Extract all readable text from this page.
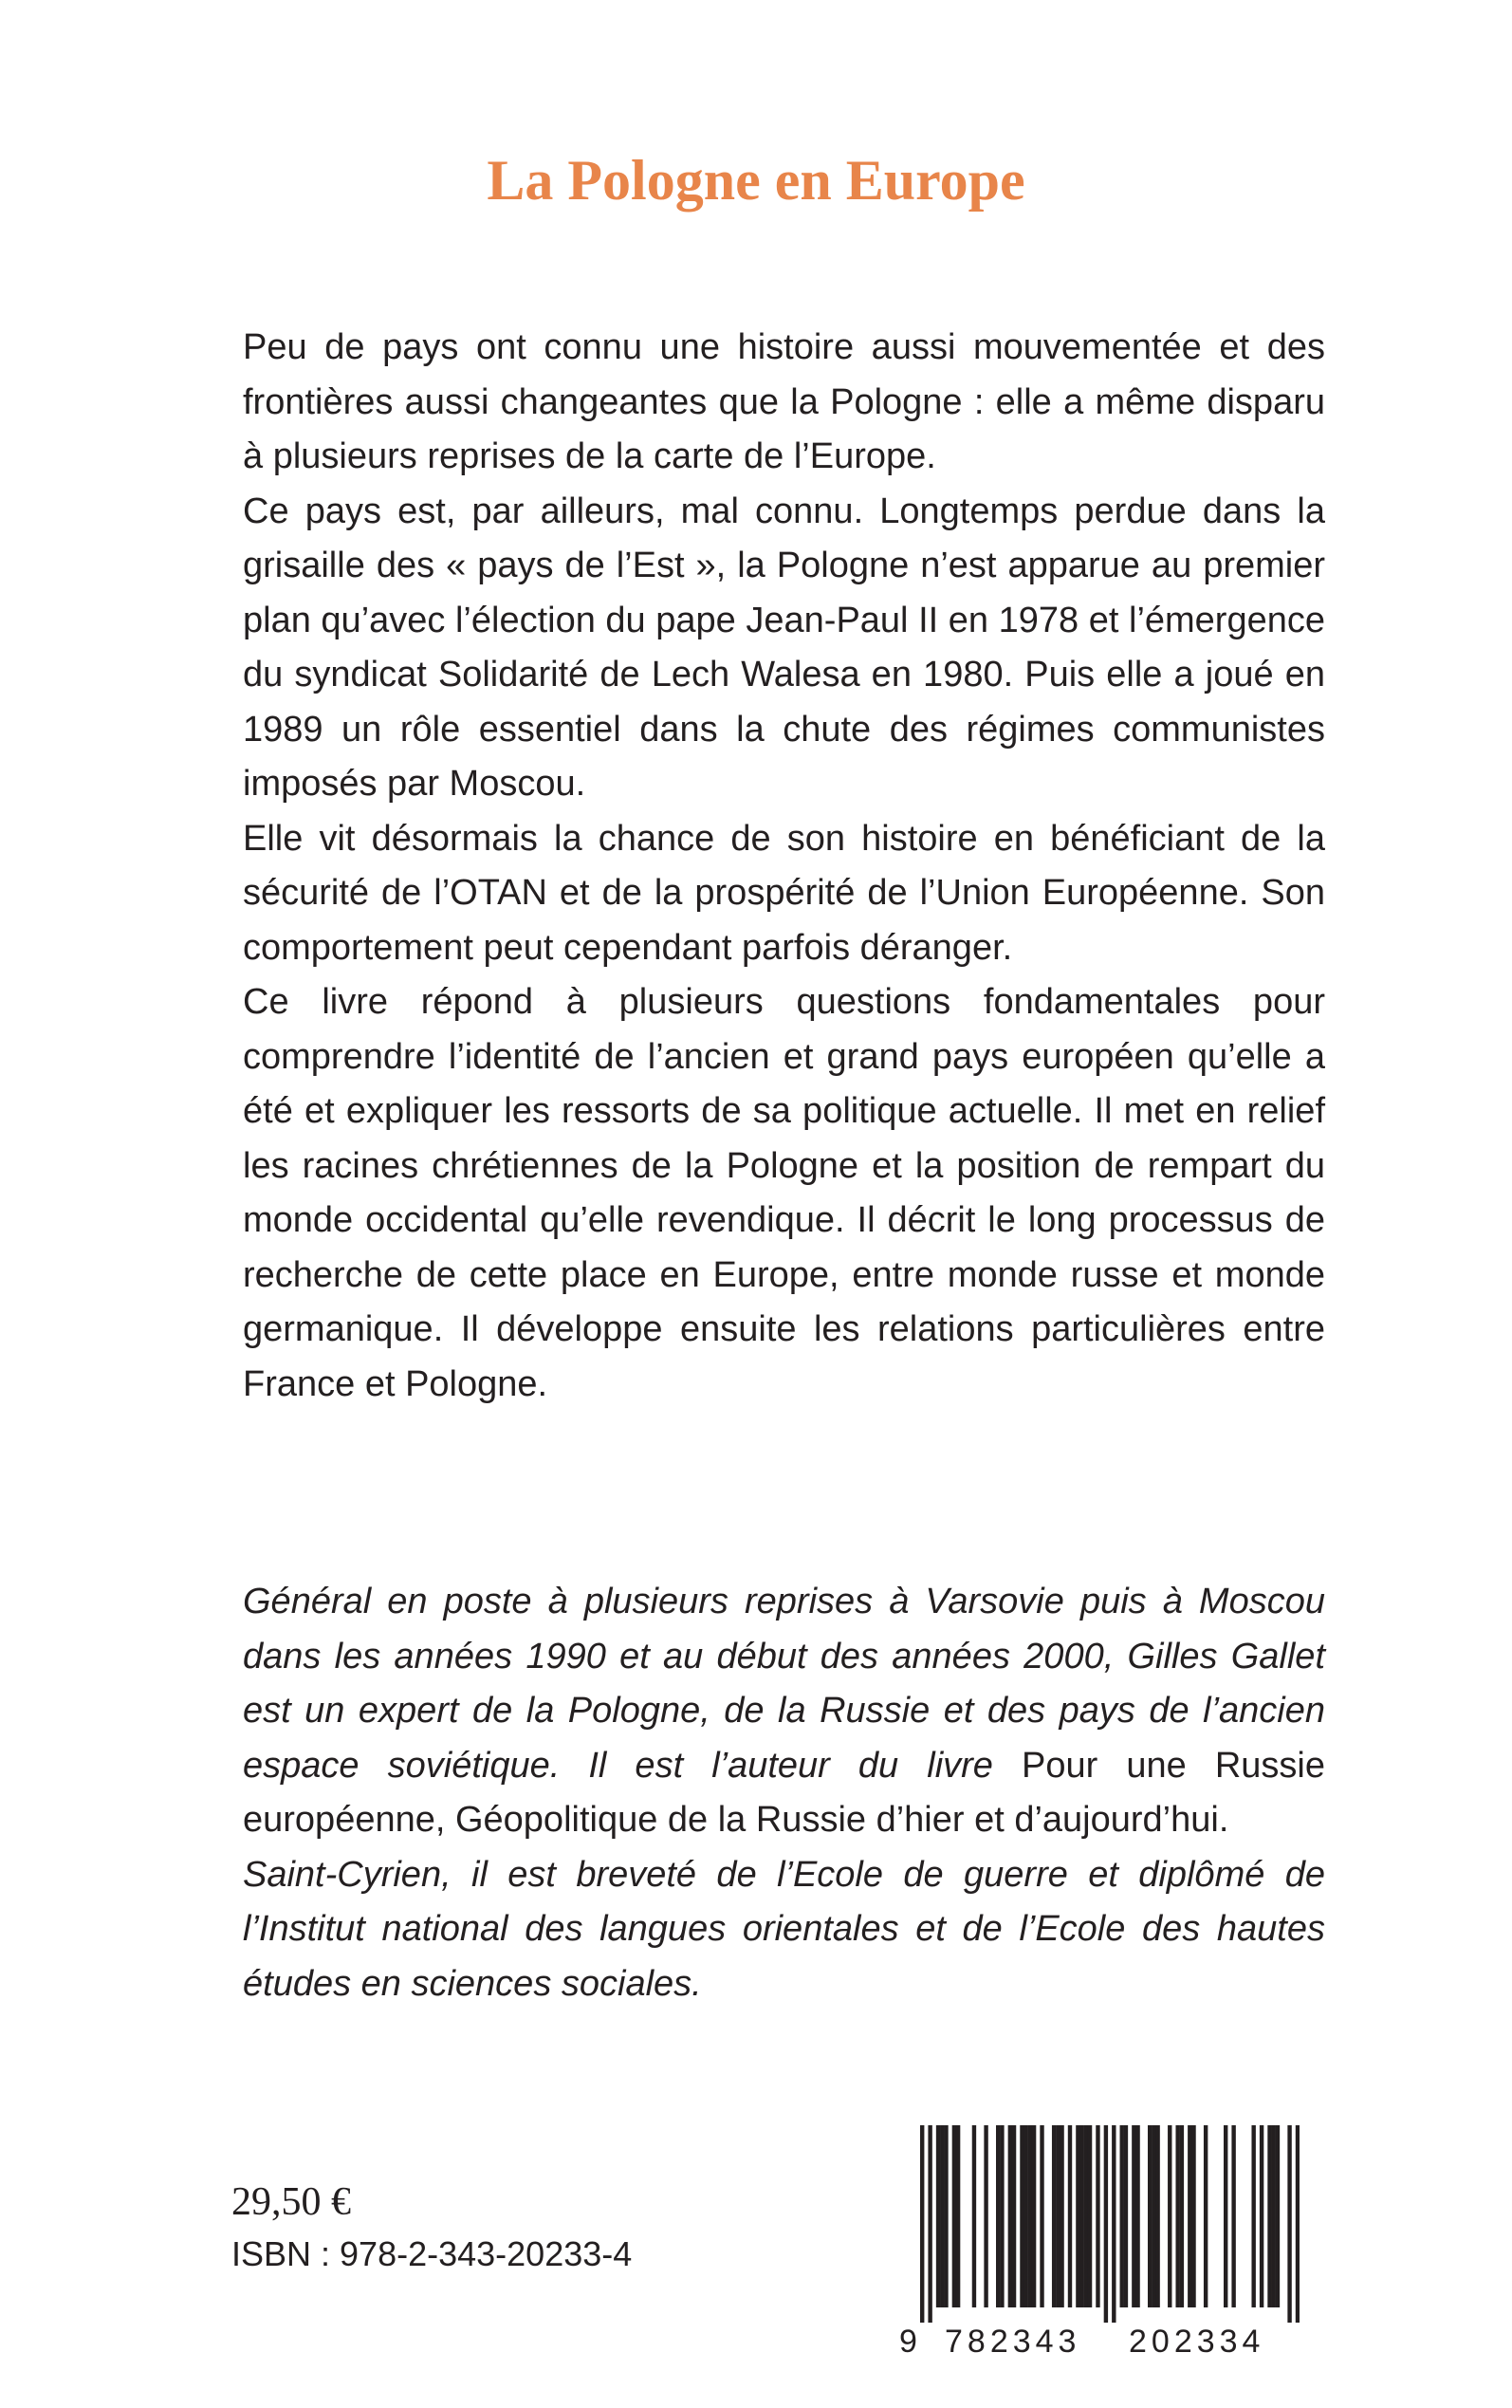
La Pologne en Europe

Peu de pays ont connu une histoire aussi mouvementée et des frontières aussi changeantes que la Pologne : elle a même disparu à plusieurs reprises de la carte de l’Europe.

Ce pays est, par ailleurs, mal connu. Longtemps perdue dans la grisaille des « pays de l’Est », la Pologne n’est apparue au premier plan qu’avec l’élection du pape Jean-Paul II en 1978 et l’émergence du syndicat Solidarité de Lech Walesa en 1980. Puis elle a joué en 1989 un rôle essentiel dans la chute des régimes communistes imposés par Moscou.

Elle vit désormais la chance de son histoire en bénéficiant de la sécurité de l’OTAN et de la prospérité de l’Union Européenne. Son comportement peut cependant parfois déranger.

Ce livre répond à plusieurs questions fondamentales pour comprendre l’identité de l’ancien et grand pays européen qu’elle a été et expliquer les ressorts de sa politique actuelle. Il met en relief les racines chrétiennes de la Pologne et la position de rempart du monde occidental qu’elle revendique. Il décrit le long processus de recherche de cette place en Europe, entre monde russe et monde germanique. Il développe ensuite les relations particulières entre France et Pologne.

Général en poste à plusieurs reprises à Varsovie puis à Moscou dans les années 1990 et au début des années 2000, Gilles Gallet est un expert de la Pologne, de la Russie et des pays de l’ancien espace soviétique. Il est l’auteur du livre Pour une Russie européenne, Géopolitique de la Russie d’hier et d’aujourd’hui.

Saint-Cyrien, il est breveté de l’Ecole de guerre et diplômé de l’Institut national des langues orientales et de l’Ecole des hautes études en sciences sociales.

29,50 €
ISBN : 978-2-343-20233-4
9 782343 202334
